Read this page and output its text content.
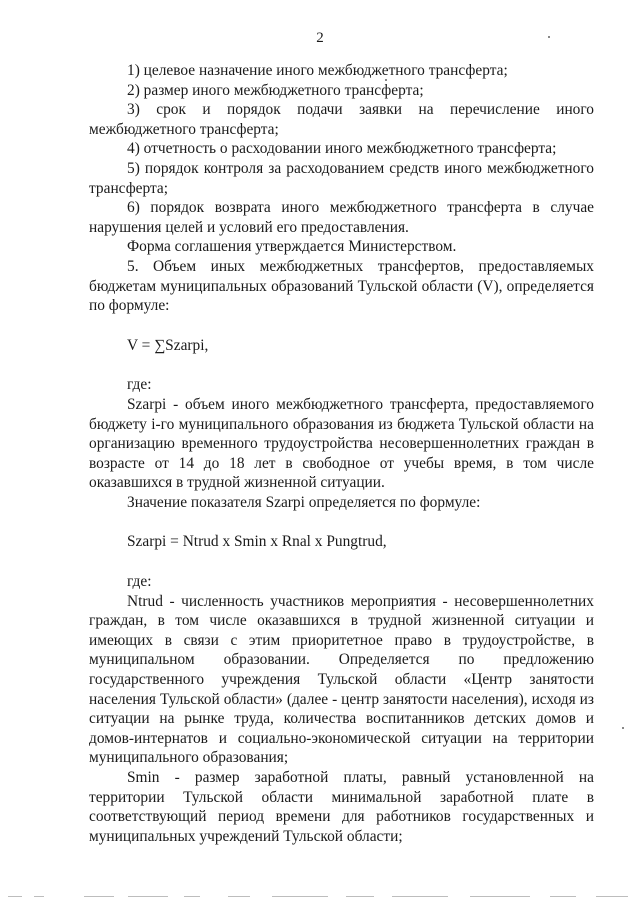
2

1) целевое назначение иного межбюджетного трансферта;

2) размер иного межбюджетного трансферта;

3) срок и порядок подачи заявки на перечисление иного межбюджетного трансферта;

4) отчетность о расходовании иного межбюджетного трансферта;

5) порядок контроля за расходованием средств иного межбюджетного трансферта;

6) порядок возврата иного межбюджетного трансферта в случае нарушения целей и условий его предоставления.

Форма соглашения утверждается Министерством.

5. Объем иных межбюджетных трансфертов, предоставляемых бюджетам муниципальных образований Тульской области (V), определяется по формуле:

V = ∑Szarpi,

где:

Szarpi - объем иного межбюджетного трансферта, предоставляемого бюджету i-го муниципального образования из бюджета Тульской области на организацию временного трудоустройства несовершеннолетних граждан в возрасте от 14 до 18 лет в свободное от учебы время, в том числе оказавшихся в трудной жизненной ситуации.

Значение показателя Szarpi определяется по формуле:

Szarpi = Ntrud x Smin x Rnal x Pungtrud,

где:

Ntrud - численность участников мероприятия - несовершеннолетних граждан, в том числе оказавшихся в трудной жизненной ситуации и имеющих в связи с этим приоритетное право в трудоустройстве, в муниципальном образовании. Определяется по предложению государственного учреждения Тульской области «Центр занятости населения Тульской области» (далее - центр занятости населения), исходя из ситуации на рынке труда, количества воспитанников детских домов и домов-интернатов и социально-экономической ситуации на территории муниципального образования;

Smin - размер заработной платы, равный установленной на территории Тульской области минимальной заработной плате в соответствующий период времени для работников государственных и муниципальных учреждений Тульской области;
